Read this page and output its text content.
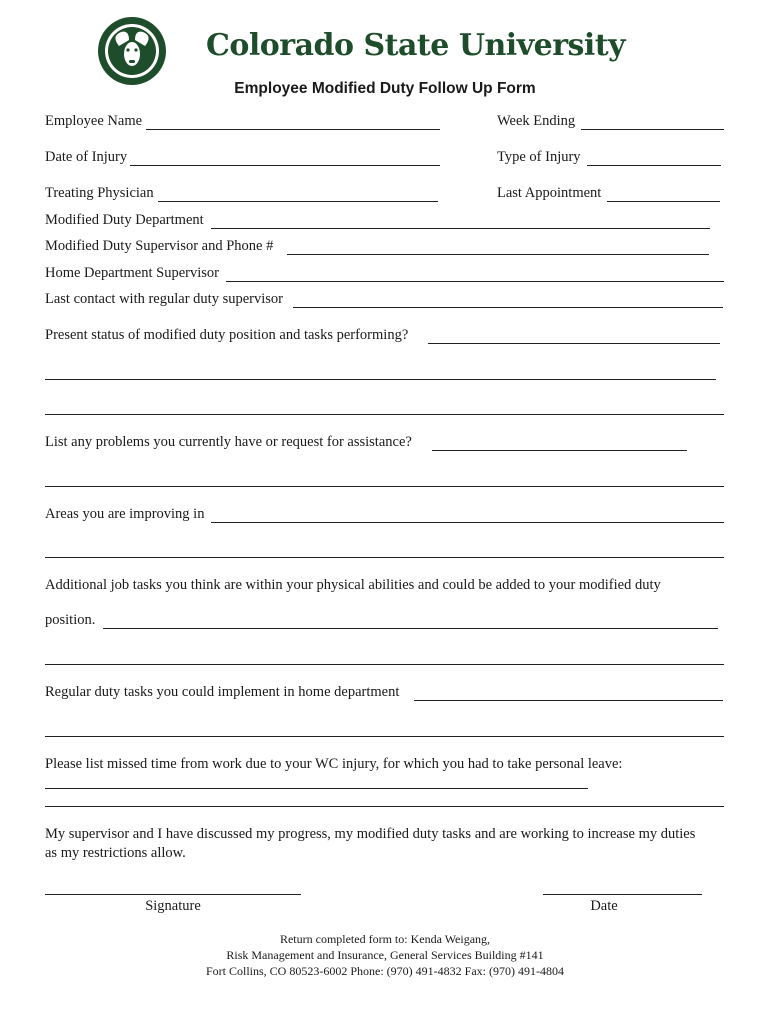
Colorado State University
Employee Modified Duty Follow Up Form
Employee Name	Week Ending
Date of Injury	Type of Injury
Treating Physician	Last Appointment
Modified Duty Department
Modified Duty Supervisor and Phone #
Home Department Supervisor
Last contact with regular duty supervisor
Present status of modified duty position and tasks performing?
List any problems you currently have or request for assistance?
Areas you are improving in
Additional job tasks you think are within your physical abilities and could be added to your modified duty
position.
Regular duty tasks you could implement in home department
Please list missed time from work due to your WC injury, for which you had to take personal leave:
My supervisor and I have discussed my progress, my modified duty tasks and are working to increase my duties
as my restrictions allow.
Signature	Date
Return completed form to: Kenda Weigang,
Risk Management and Insurance, General Services Building #141
Fort Collins, CO 80523-6002 Phone: (970) 491-4832 Fax: (970) 491-4804
